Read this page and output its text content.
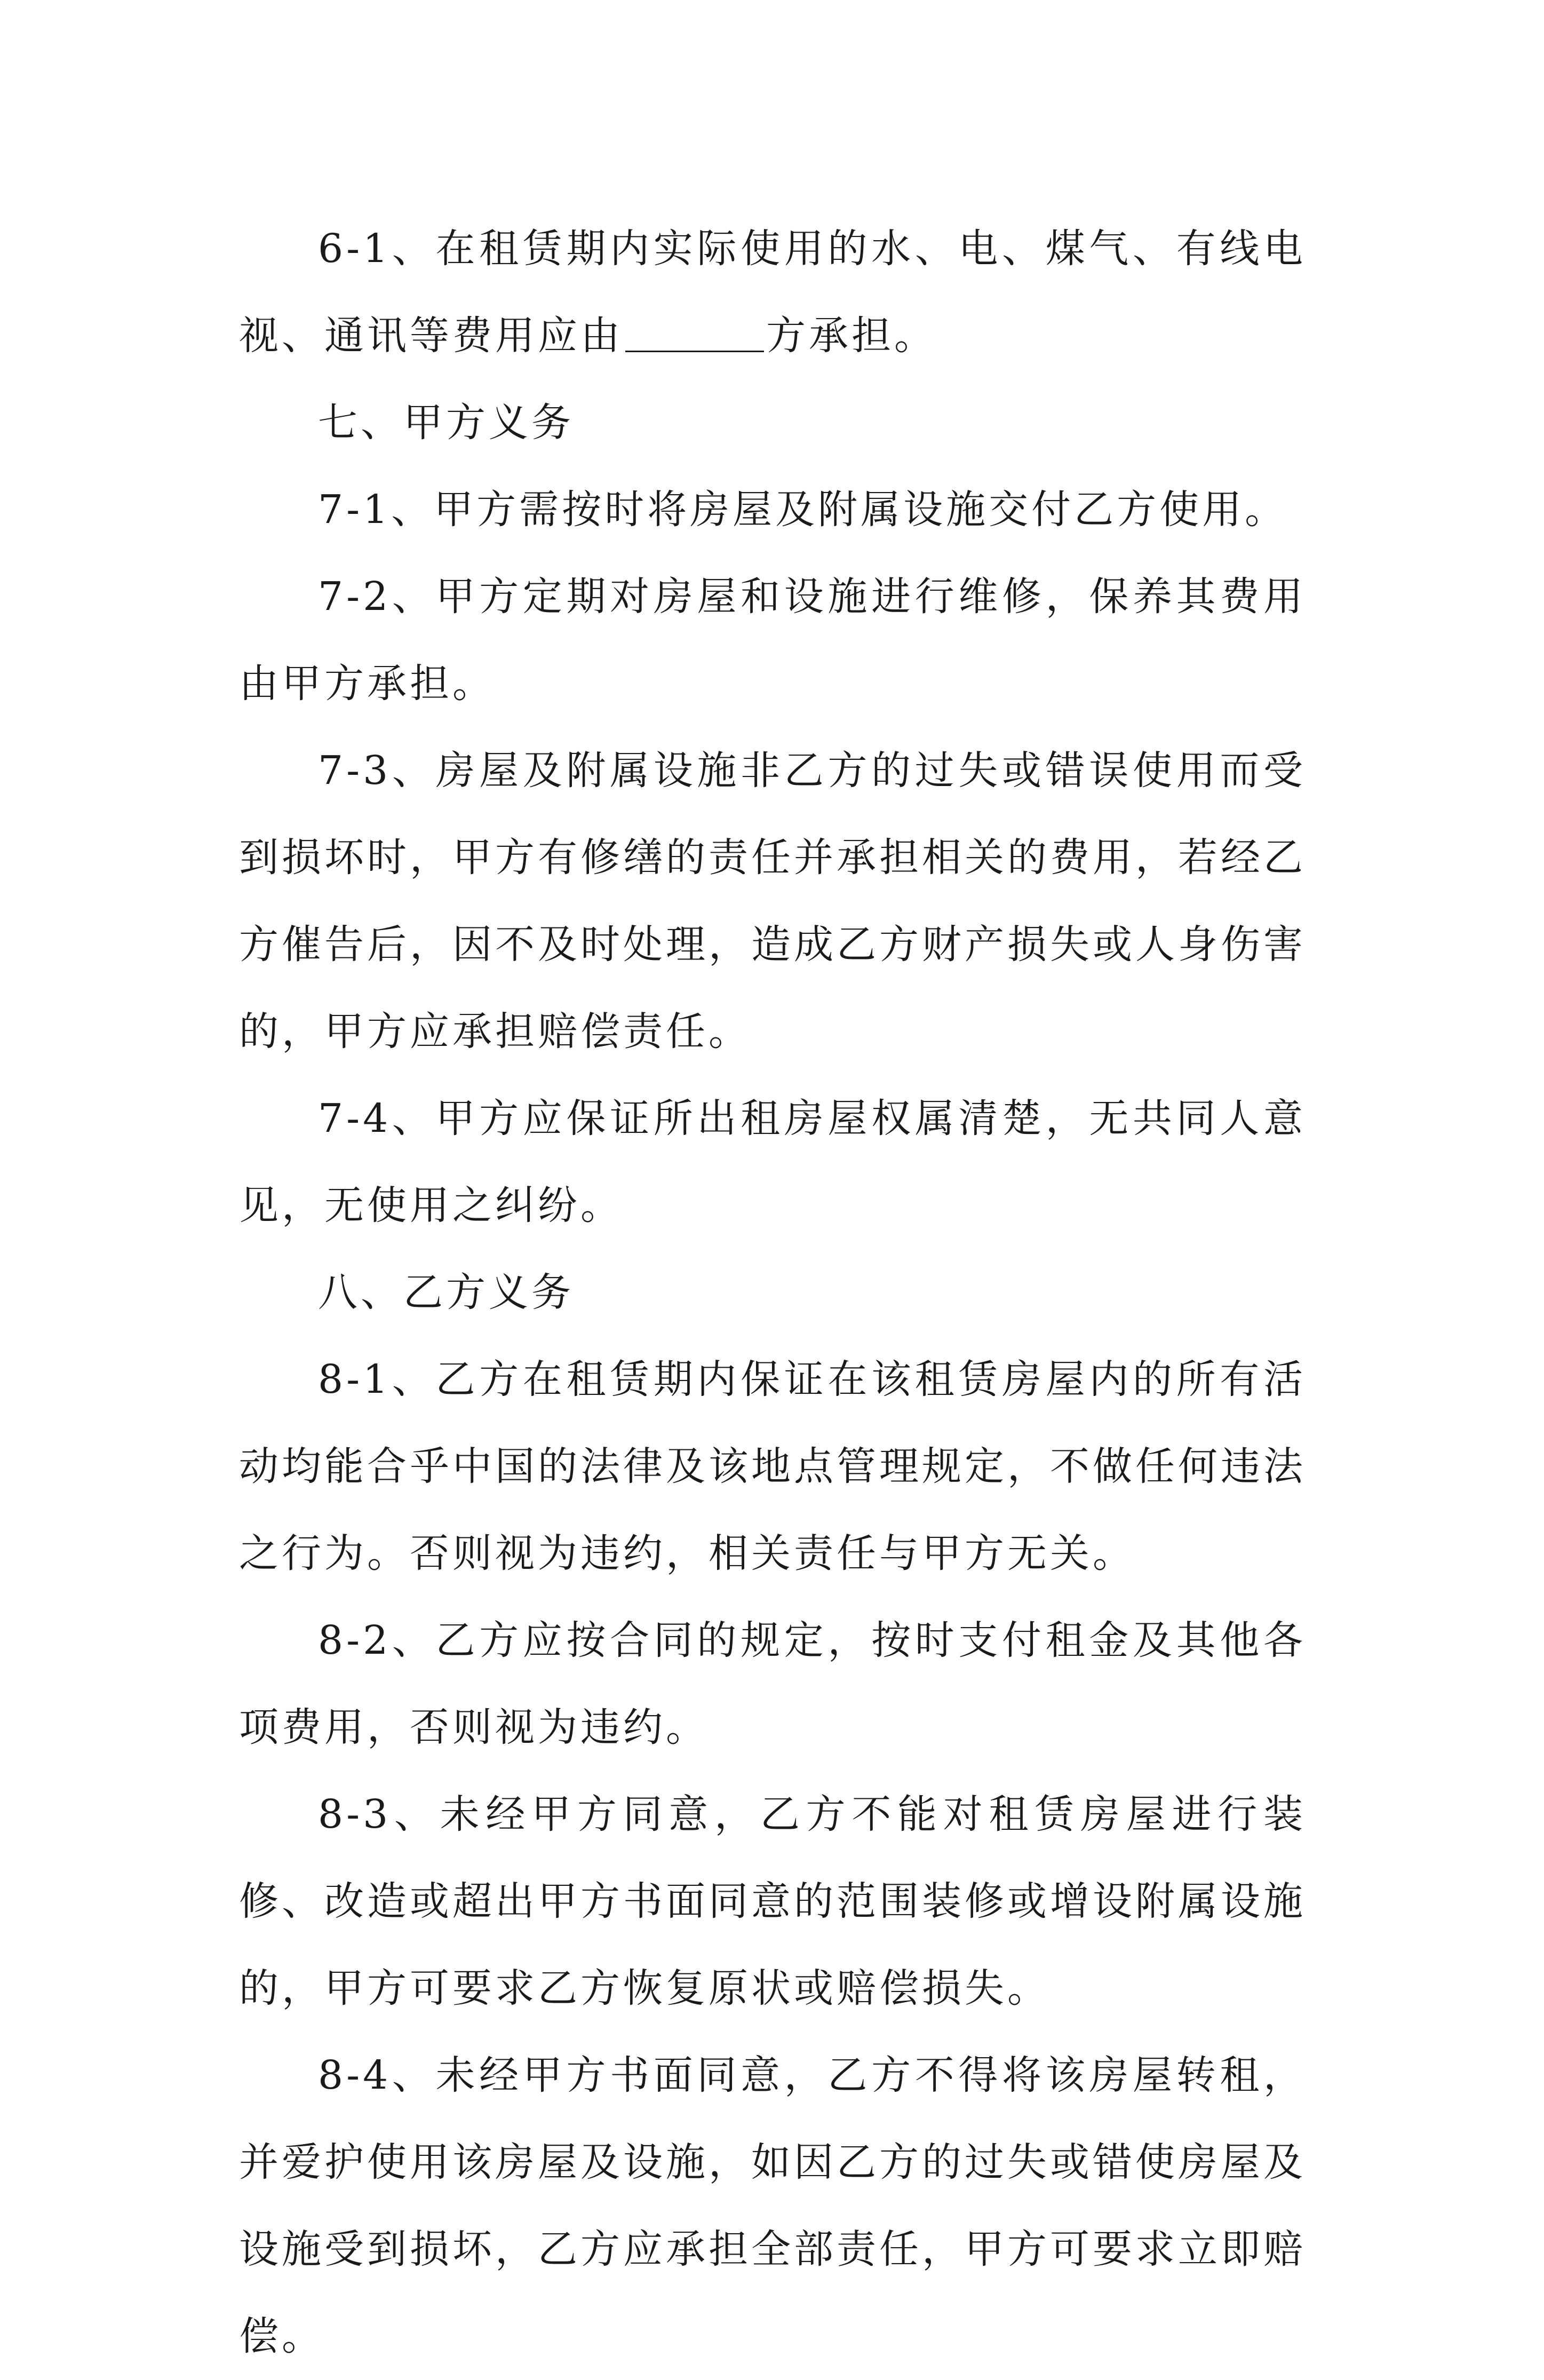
6-1、在租赁期内实际使用的水、电、煤气、有线电视、通讯等费用应由	方承担。

七、甲方义务

7-1、甲方需按时将房屋及附属设施交付乙方使用。

7-2、甲方定期对房屋和设施进行维修，保养其费用由甲方承担。

7-3、房屋及附属设施非乙方的过失或错误使用而受到损坏时，甲方有修缮的责任并承担相关的费用，若经乙方催告后，因不及时处理，造成乙方财产损失或人身伤害的，甲方应承担赔偿责任。

7-4、甲方应保证所出租房屋权属清楚，无共同人意见，无使用之纠纷。

八、乙方义务

8-1、乙方在租赁期内保证在该租赁房屋内的所有活动均能合乎中国的法律及该地点管理规定，不做任何违法之行为。否则视为违约，相关责任与甲方无关。

8-2、乙方应按合同的规定，按时支付租金及其他各项费用，否则视为违约。

8-3、未经甲方同意，乙方不能对租赁房屋进行装修、改造或超出甲方书面同意的范围装修或增设附属设施的，甲方可要求乙方恢复原状或赔偿损失。

8-4、未经甲方书面同意，乙方不得将该房屋转租，并爱护使用该房屋及设施，如因乙方的过失或错使房屋及设施受到损坏，乙方应承担全部责任，甲方可要求立即赔偿。
